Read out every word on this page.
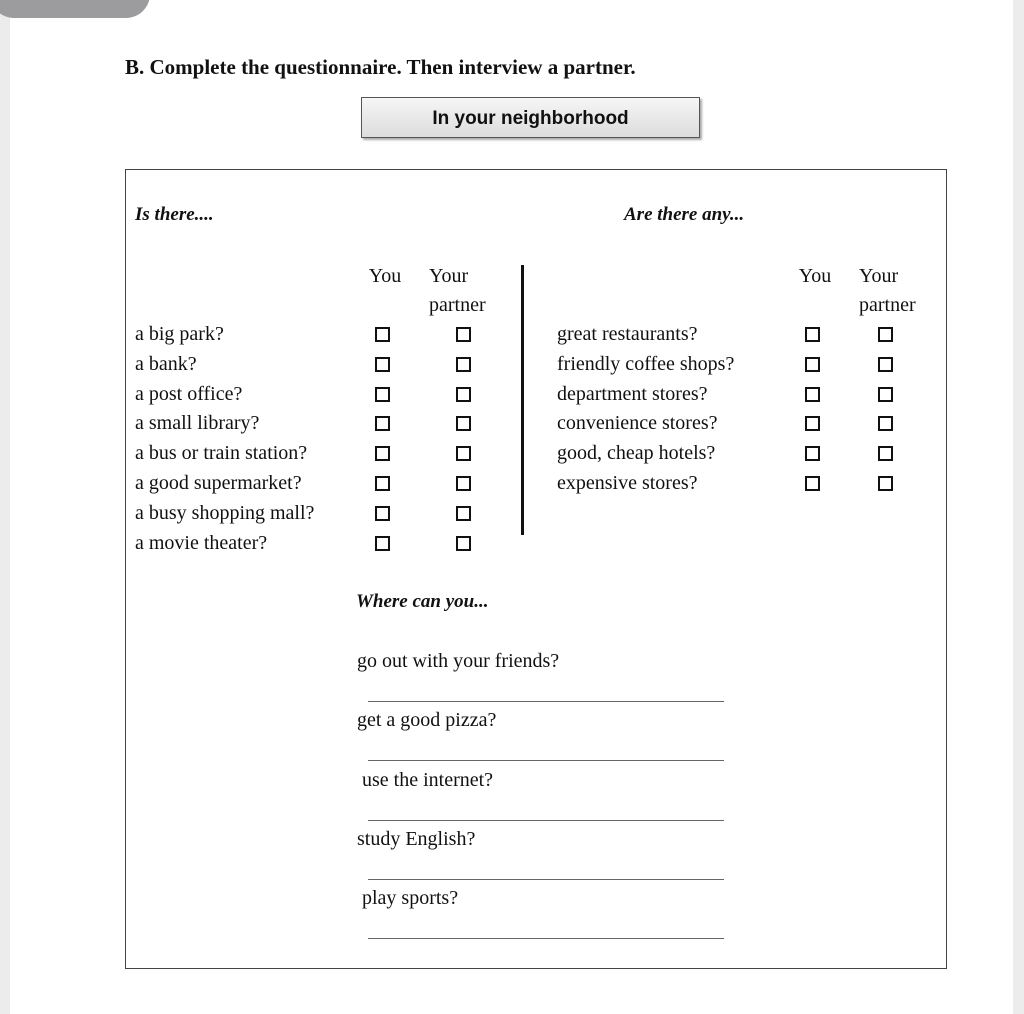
B. Complete the questionnaire. Then interview a partner.
In your neighborhood
Is there....
You	Your
partner
a big park?
a bank?
a post office?
a small library?
a bus or train station?
a good supermarket?
a busy shopping mall?
a movie theater?
Are there any...
You	Your
partner
great restaurants?
friendly coffee shops?
department stores?
convenience stores?
good, cheap hotels?
expensive stores?
Where can you...
go out with your friends?
get a good pizza?
use the internet?
study English?
play sports?
